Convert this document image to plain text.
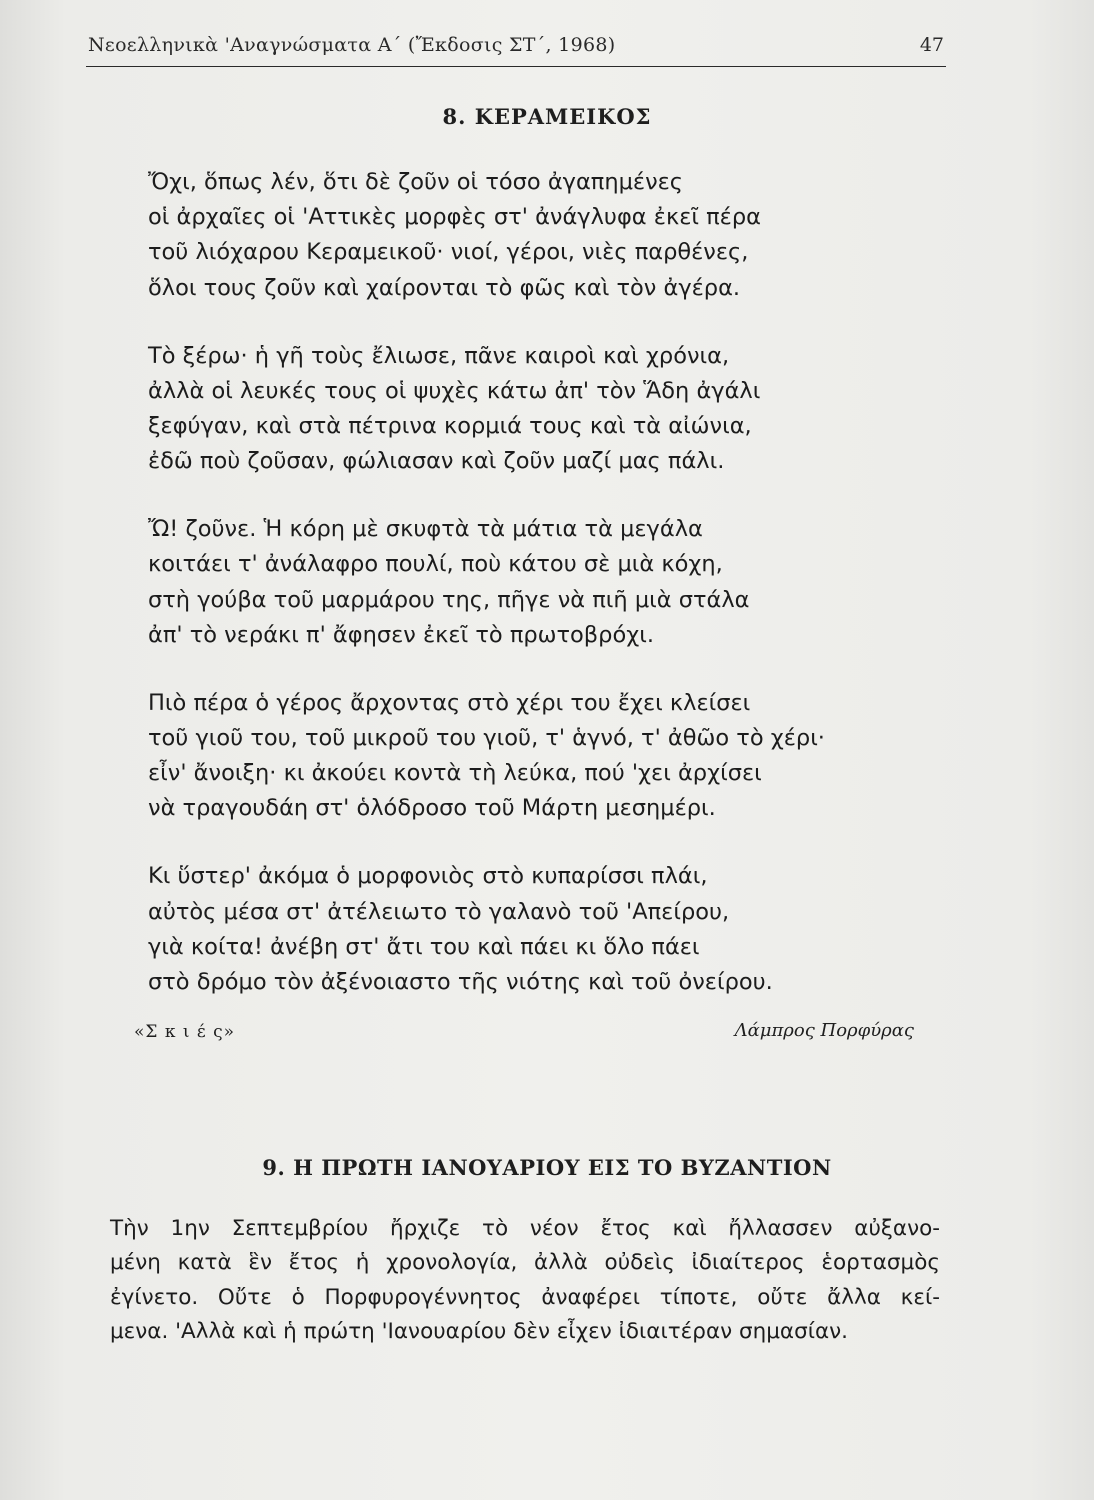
Νεοελληνικὰ 'Αναγνώσματα Α΄ (Ἔκδοσις ΣΤ΄, 1968)	47
8. ΚΕΡΑΜΕΙΚΟΣ
Ὄχι, ὅπως λέν, ὅτι δὲ ζοῦν οἱ τόσο ἀγαπημένες
οἱ ἀρχαῖες οἱ 'Αττικὲς μορφὲς στ' ἀνάγλυφα ἐκεῖ πέρα
τοῦ λιόχαρου Κεραμεικοῦ· νιοί, γέροι, νιὲς παρθένες,
ὅλοι τους ζοῦν καὶ χαίρονται τὸ φῶς καὶ τὸν ἀγέρα.
Τὸ ξέρω· ἡ γῆ τοὺς ἔλιωσε, πᾶνε καιροὶ καὶ χρόνια,
ἀλλὰ οἱ λευκές τους οἱ ψυχὲς κάτω ἀπ' τὸν Ἅδη ἀγάλι
ξεφύγαν, καὶ στὰ πέτρινα κορμιά τους καὶ τὰ αἰώνια,
ἐδῶ ποὺ ζοῦσαν, φώλιασαν καὶ ζοῦν μαζί μας πάλι.
Ὤ! ζοῦνε. Ἡ κόρη μὲ σκυφτὰ τὰ μάτια τὰ μεγάλα
κοιτάει τ' ἀνάλαφρο πουλί, ποὺ κάτου σὲ μιὰ κόχη,
στὴ γούβα τοῦ μαρμάρου της, πῆγε νὰ πιῆ μιὰ στάλα
ἀπ' τὸ νεράκι π' ἄφησεν ἐκεῖ τὸ πρωτοβρόχι.
Πιὸ πέρα ὁ γέρος ἄρχοντας στὸ χέρι του ἔχει κλείσει
τοῦ γιοῦ του, τοῦ μικροῦ του γιοῦ, τ' ἁγνό, τ' ἀθῶο τὸ χέρι·
εἶν' ἄνοιξη· κι ἀκούει κοντὰ τὴ λεύκα, πού 'χει ἀρχίσει
νὰ τραγουδάη στ' ὁλόδροσο τοῦ Μάρτη μεσημέρι.
Κι ὕστερ' ἀκόμα ὁ μορφονιὸς στὸ κυπαρίσσι πλάι,
αὐτὸς μέσα στ' ἀτέλειωτο τὸ γαλανὸ τοῦ 'Απείρου,
γιὰ κοίτα! ἀνέβη στ' ἄτι του καὶ πάει κι ὅλο πάει
στὸ δρόμο τὸν ἀξένοιαστο τῆς νιότης καὶ τοῦ ὀνείρου.
«Σ κ ι έ ς»	Λάμπρος Πορφύρας
9. Η ΠΡΩΤΗ ΙΑΝΟΥΑΡΙΟΥ ΕΙΣ ΤΟ ΒΥΖΑΝΤΙΟΝ
Τὴν 1ην Σεπτεμβρίου ἤρχιζε τὸ νέον ἔτος καὶ ἤλλασσεν αὐξανο-
μένη κατὰ ἓν ἔτος ἡ χρονολογία, ἀλλὰ οὐδεὶς ἰδιαίτερος ἑορτασμὸς
ἐγίνετο. Οὔτε ὁ Πορφυρογέννητος ἀναφέρει τίποτε, οὔτε ἄλλα κεί-
μενα. 'Αλλὰ καὶ ἡ πρώτη 'Ιανουαρίου δὲν εἶχεν ἰδιαιτέραν σημασίαν.
